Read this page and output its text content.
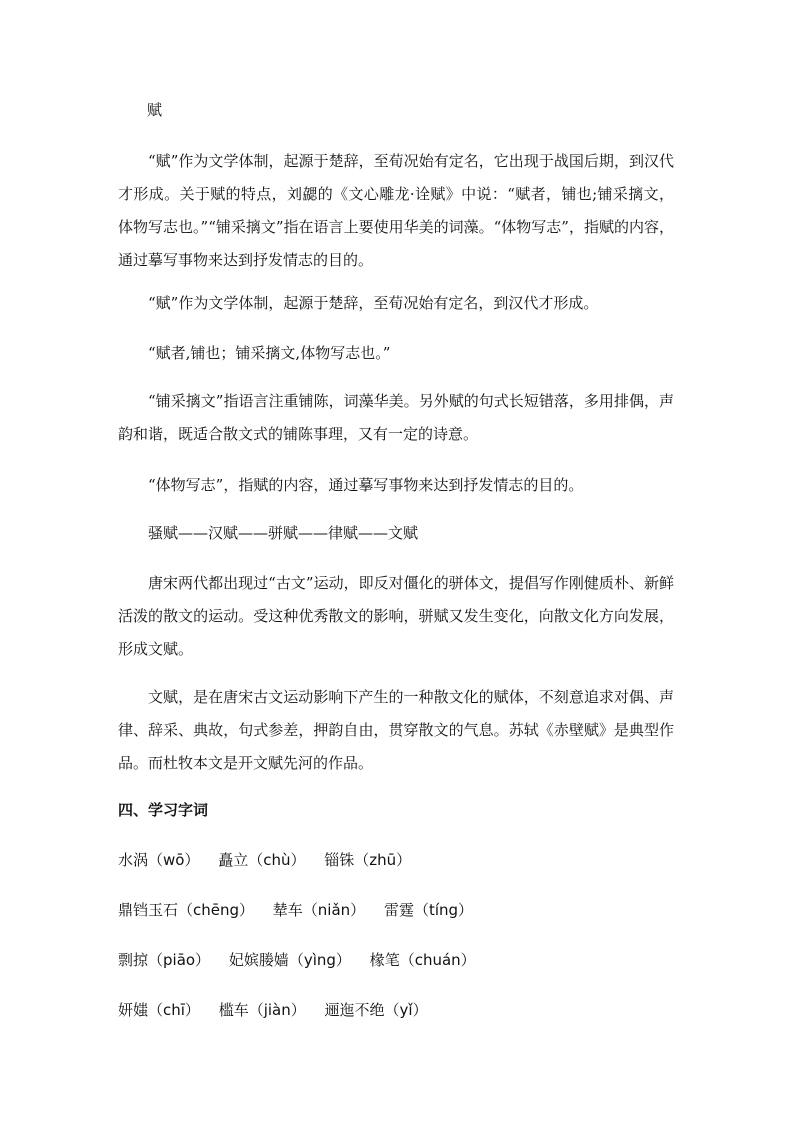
赋
“赋”作为文学体制，起源于楚辞，至荀况始有定名，它出现于战国后期，到汉代才形成。关于赋的特点，刘勰的《文心雕龙·诠赋》中说：“赋者，铺也;铺采摛文，体物写志也。”“铺采摛文”指在语言上要使用华美的词藻。“体物写志”，指赋的内容，通过摹写事物来达到抒发情志的目的。
“赋”作为文学体制，起源于楚辞，至荀况始有定名，到汉代才形成。
“赋者,铺也；铺采摛文,体物写志也。”
“铺采摛文”指语言注重铺陈，词藻华美。另外赋的句式长短错落，多用排偶，声韵和谐，既适合散文式的铺陈事理，又有一定的诗意。
“体物写志”，指赋的内容，通过摹写事物来达到抒发情志的目的。
骚赋——汉赋——骈赋——律赋——文赋
唐宋两代都出现过“古文”运动，即反对僵化的骈体文，提倡写作刚健质朴、新鲜活泼的散文的运动。受这种优秀散文的影响，骈赋又发生变化，向散文化方向发展，形成文赋。
文赋，是在唐宋古文运动影响下产生的一种散文化的赋体，不刻意追求对偶、声律、辞采、典故，句式参差，押韵自由，贯穿散文的气息。苏轼《赤壁赋》是典型作品。而杜牧本文是开文赋先河的作品。
四、学习字词
水涡（wō） 矗立（chù） 锱铢（zhū）
鼎铛玉石（chēng） 辇车（niǎn） 雷霆（tíng）
剽掠（piāo） 妃嫔媵嫱（yìng） 椽笔（chuán）
妍媸（chī） 槛车（jiàn） 逦迤不绝（yǐ）
